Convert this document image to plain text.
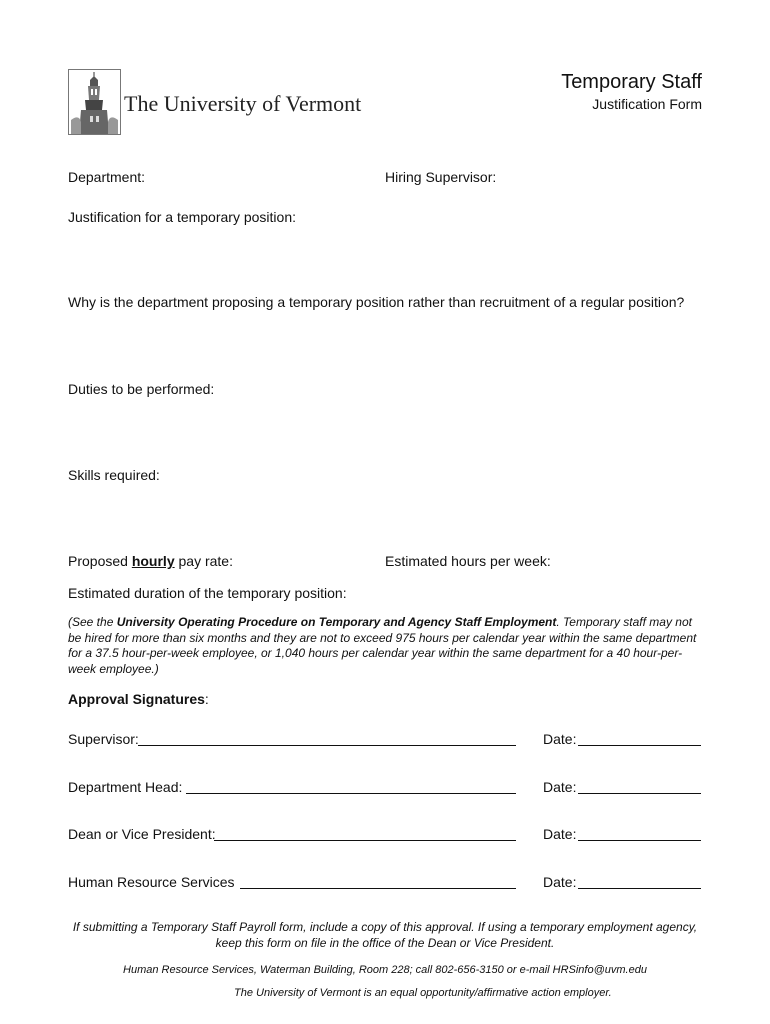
The University of Vermont
Temporary Staff
Justification Form
Department:	Hiring Supervisor:
Justification for a temporary position:
Why is the department proposing a temporary position rather than recruitment of a regular position?
Duties to be performed:
Skills required:
Proposed hourly pay rate:	Estimated hours per week:
Estimated duration of the temporary position:
(See the University Operating Procedure on Temporary and Agency Staff Employment. Temporary staff may not be hired for more than six months and they are not to exceed 975 hours per calendar year within the same department for a 37.5 hour-per-week employee, or 1,040 hours per calendar year within the same department for a 40 hour-per-week employee.)
Approval Signatures:
Supervisor:	Date:
Department Head:	Date:
Dean or Vice President:	Date:
Human Resource Services	Date:
If submitting a Temporary Staff Payroll form, include a copy of this approval. If using a temporary employment agency, keep this form on file in the office of the Dean or Vice President.
Human Resource Services, Waterman Building, Room 228; call 802-656-3150 or e-mail HRSinfo@uvm.edu
The University of Vermont is an equal opportunity/affirmative action employer.
